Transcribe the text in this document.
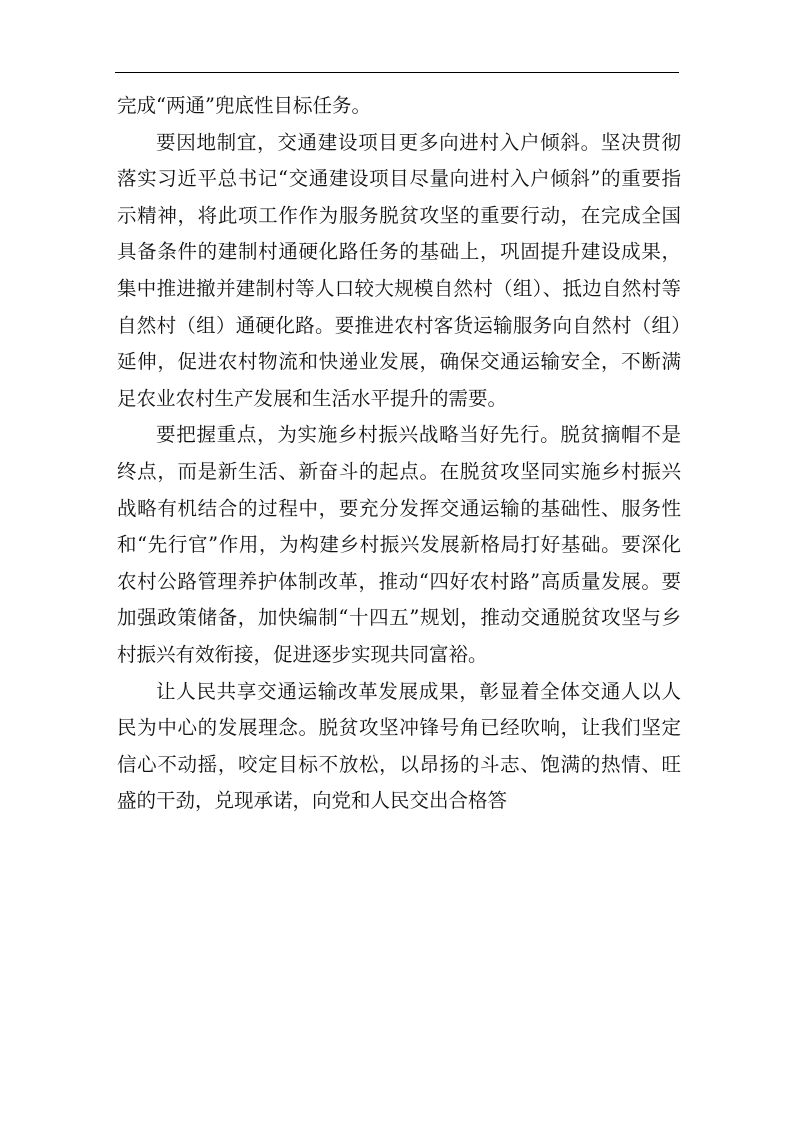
完成“两通”兜底性目标任务。

要因地制宜，交通建设项目更多向进村入户倾斜。坚决贯彻落实习近平总书记“交通建设项目尽量向进村入户倾斜”的重要指示精神，将此项工作作为服务脱贫攻坚的重要行动，在完成全国具备条件的建制村通硬化路任务的基础上，巩固提升建设成果，集中推进撤并建制村等人口较大规模自然村（组）、抵边自然村等自然村（组）通硬化路。要推进农村客货运输服务向自然村（组）延伸，促进农村物流和快递业发展，确保交通运输安全，不断满足农业农村生产发展和生活水平提升的需要。

要把握重点，为实施乡村振兴战略当好先行。脱贫摘帽不是终点，而是新生活、新奋斗的起点。在脱贫攻坚同实施乡村振兴战略有机结合的过程中，要充分发挥交通运输的基础性、服务性和“先行官”作用，为构建乡村振兴发展新格局打好基础。要深化农村公路管理养护体制改革，推动“四好农村路”高质量发展。要加强政策储备，加快编制“十四五”规划，推动交通脱贫攻坚与乡村振兴有效衔接，促进逐步实现共同富裕。

让人民共享交通运输改革发展成果，彰显着全体交通人以人民为中心的发展理念。脱贫攻坚冲锋号角已经吹响，让我们坚定信心不动摇，咬定目标不放松，以昂扬的斗志、饱满的热情、旺盛的干劲，兑现承诺，向党和人民交出合格答
